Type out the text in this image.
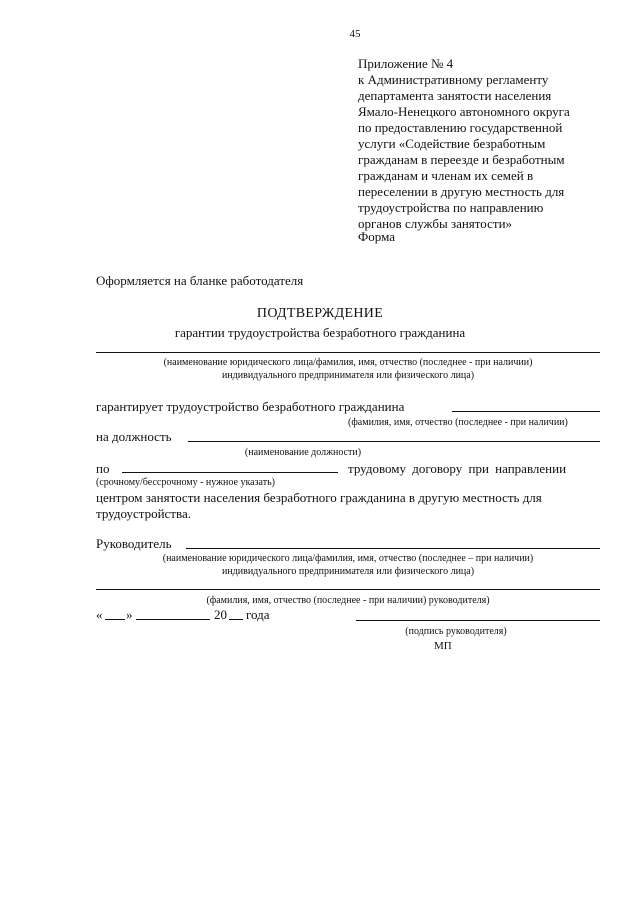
45
Приложение № 4
к Административному регламенту
департамента занятости населения
Ямало-Ненецкого автономного округа
по предоставлению государственной
услуги «Содействие безработным
гражданам в переезде и безработным
гражданам и членам их семей в
переселении в другую местность для
трудоустройства по направлению
органов службы занятости»
Форма
Оформляется на бланке работодателя
ПОДТВЕРЖДЕНИЕ
гарантии трудоустройства безработного гражданина
(наименование юридического лица/фамилия, имя, отчество (последнее - при наличии)
индивидуального предпринимателя или физического лица)
гарантирует трудоустройство безработного гражданина
(фамилия, имя, отчество (последнее - при наличии)
на должность
(наименование должности)
по	трудовому договору при направлении
(срочному/бессрочному - нужное указать)
центром занятости населения безработного гражданина в другую местность для
трудоустройства.
Руководитель
(наименование юридического лица/фамилия, имя, отчество (последнее – при наличии)
индивидуального предпринимателя или физического лица)
(фамилия, имя, отчество (последнее - при наличии) руководителя)
« »	20 года
(подпись руководителя)
МП
